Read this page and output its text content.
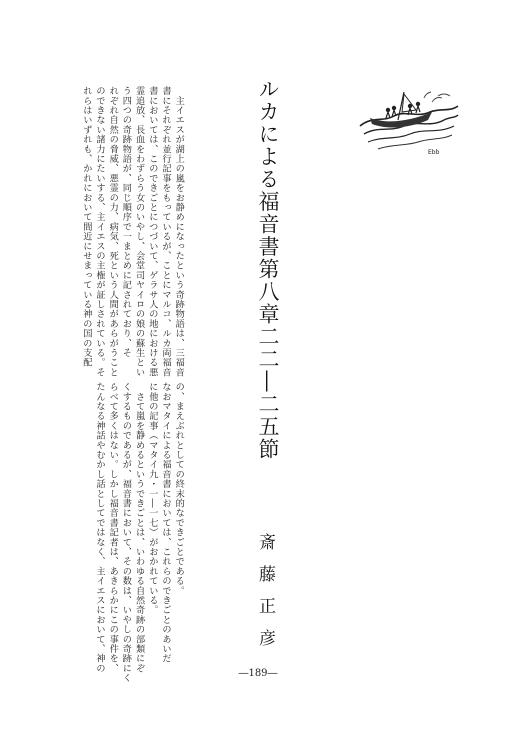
ルカによる福音書第八章二二―二五節
斎藤正彦
Ebb
　主イエスが湖上の嵐をお静めになったという奇跡物語は、三福音
書にそれぞれ並行記事をもっているが、ことにマルコ、ルカ両福音
書においては、このできごとにつづいて、ゲラサ人の地における悪
霊追放、長血をわずらう女のいやし、会堂司ヤイロの娘の蘇生とい
う四つの奇跡物語が、同じ順序で一まとめに記されており、そ
れぞれ自然の脅威、悪霊の力、病気、死という人間があらがうこと
のできない諸力にたいする、主イエスの主権が証しされている。そ
れらはいずれも、かれにおいて間近にせまっている神の国の支配
の、まえぶれとしての終末的なできごとである。
なおマタイによる福音書においては、これらのできごとのあいだ
に他の記事（マタイ九・一―一七）がおかれている。
　さて嵐を静めるというできごとは、いわゆる自然奇跡の部類にぞ
くするものであるが、福音書において、その数は、いやしの奇跡にく
らべて多くはない。しかし福音書記者は、あきらかにこの事件を、
たんなる神話やむかし話としてではなく、主イエスにおいて、神の
―189―
